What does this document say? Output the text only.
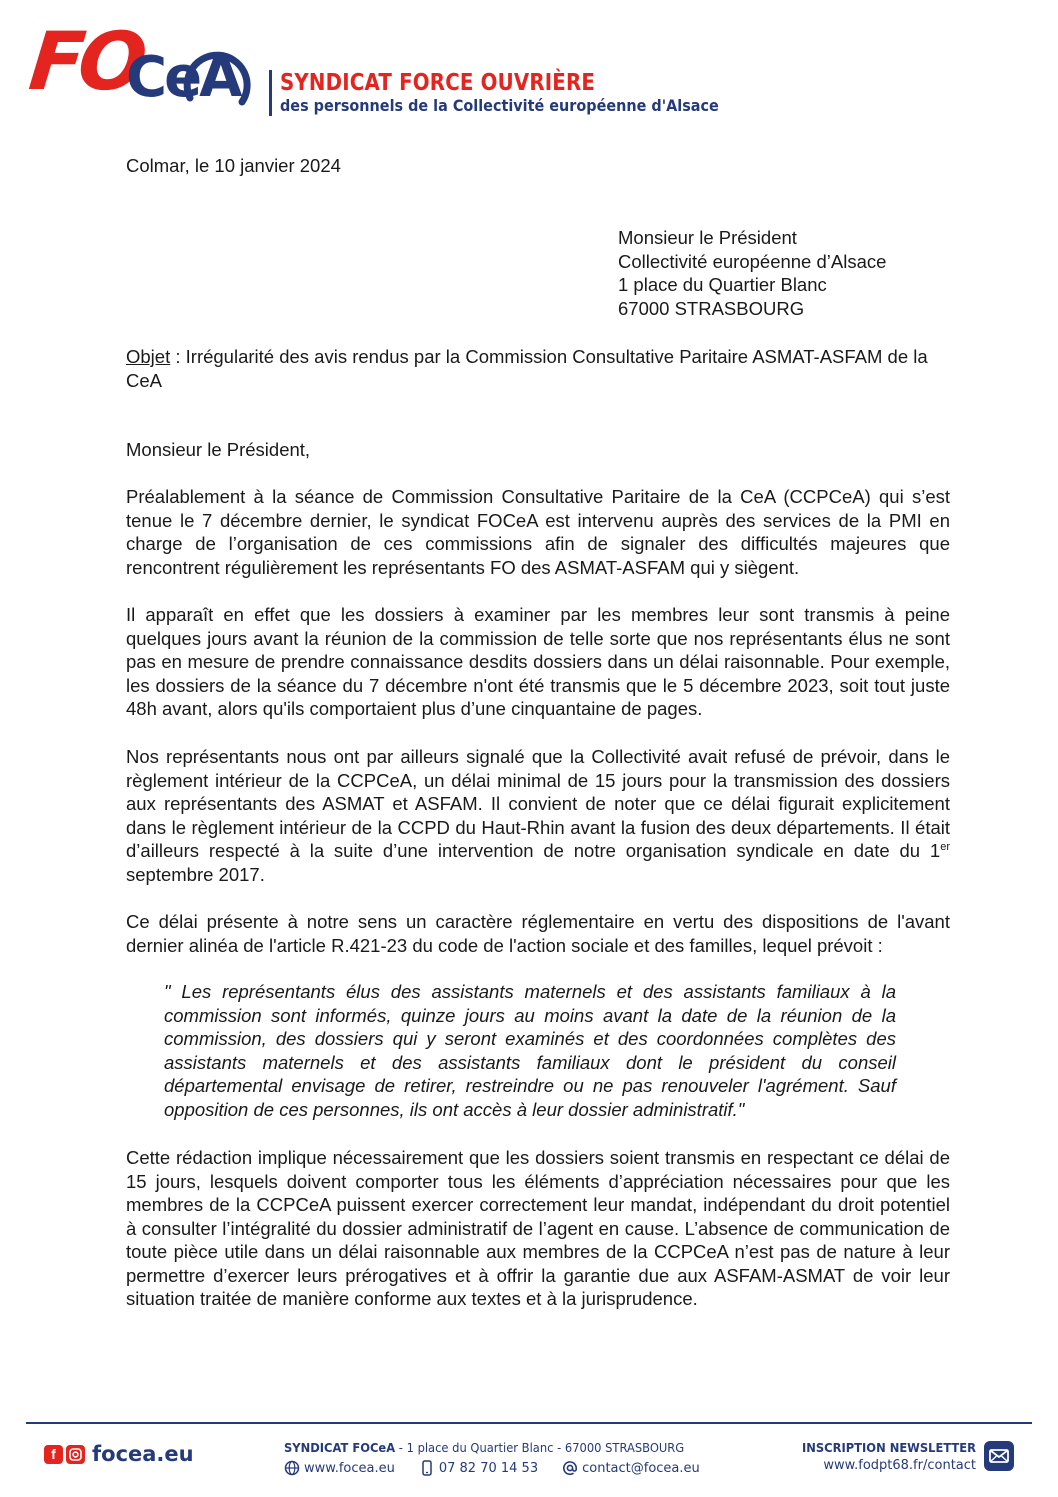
FO
CeA SYNDICAT FORCE OUVRIÈRE
des personnels de la Collectivité européenne d'Alsace
Colmar, le 10 janvier 2024
Monsieur le Président
Collectivité européenne d’Alsace
1 place du Quartier Blanc
67000 STRASBOURG
Objet : Irrégularité des avis rendus par la Commission Consultative Paritaire ASMAT-ASFAM de la CeA
Monsieur le Président,

Préalablement à la séance de Commission Consultative Paritaire de la CeA (CCPCeA) qui s’est tenue le 7 décembre dernier, le syndicat FOCeA est intervenu auprès des services de la PMI en charge de l’organisation de ces commissions afin de signaler des difficultés majeures que rencontrent régulièrement les représentants FO des ASMAT-ASFAM qui y siègent.

Il apparaît en effet que les dossiers à examiner par les membres leur sont transmis à peine quelques jours avant la réunion de la commission de telle sorte que nos représentants élus ne sont pas en mesure de prendre connaissance desdits dossiers dans un délai raisonnable. Pour exemple, les dossiers de la séance du 7 décembre n'ont été transmis que le 5 décembre 2023, soit tout juste 48h avant, alors qu'ils comportaient plus d’une cinquantaine de pages.

Nos représentants nous ont par ailleurs signalé que la Collectivité avait refusé de prévoir, dans le règlement intérieur de la CCPCeA, un délai minimal de 15 jours pour la transmission des dossiers aux représentants des ASMAT et ASFAM. Il convient de noter que ce délai figurait explicitement dans le règlement intérieur de la CCPD du Haut-Rhin avant la fusion des deux départements. Il était d’ailleurs respecté à la suite d’une intervention de notre organisation syndicale en date du 1er septembre 2017.

Ce délai présente à notre sens un caractère réglementaire en vertu des dispositions de l'avant dernier alinéa de l'article R.421-23 du code de l'action sociale et des familles, lequel prévoit :

" Les représentants élus des assistants maternels et des assistants familiaux à la commission sont informés, quinze jours au moins avant la date de la réunion de la commission, des dossiers qui y seront examinés et des coordonnées complètes des assistants maternels et des assistants familiaux dont le président du conseil départemental envisage de retirer, restreindre ou ne pas renouveler l'agrément. Sauf opposition de ces personnes, ils ont accès à leur dossier administratif."

Cette rédaction implique nécessairement que les dossiers soient transmis en respectant ce délai de 15 jours, lesquels doivent comporter tous les éléments d’appréciation nécessaires pour que les membres de la CCPCeA puissent exercer correctement leur mandat, indépendant du droit potentiel à consulter l’intégralité du dossier administratif de l’agent en cause. L’absence de communication de toute pièce utile dans un délai raisonnable aux membres de la CCPCeA n’est pas de nature à leur permettre d’exercer leurs prérogatives et à offrir la garantie due aux ASFAM-ASMAT de voir leur situation traitée de manière conforme aux textes et à la jurisprudence.

f	focea.eu	SYNDICAT FOCeA - 1 place du Quartier Blanc - 67000 STRASBOURG
www.focea.eu	07 82 70 14 53	contact@focea.eu
INSCRIPTION NEWSLETTER
www.fodpt68.fr/contact
